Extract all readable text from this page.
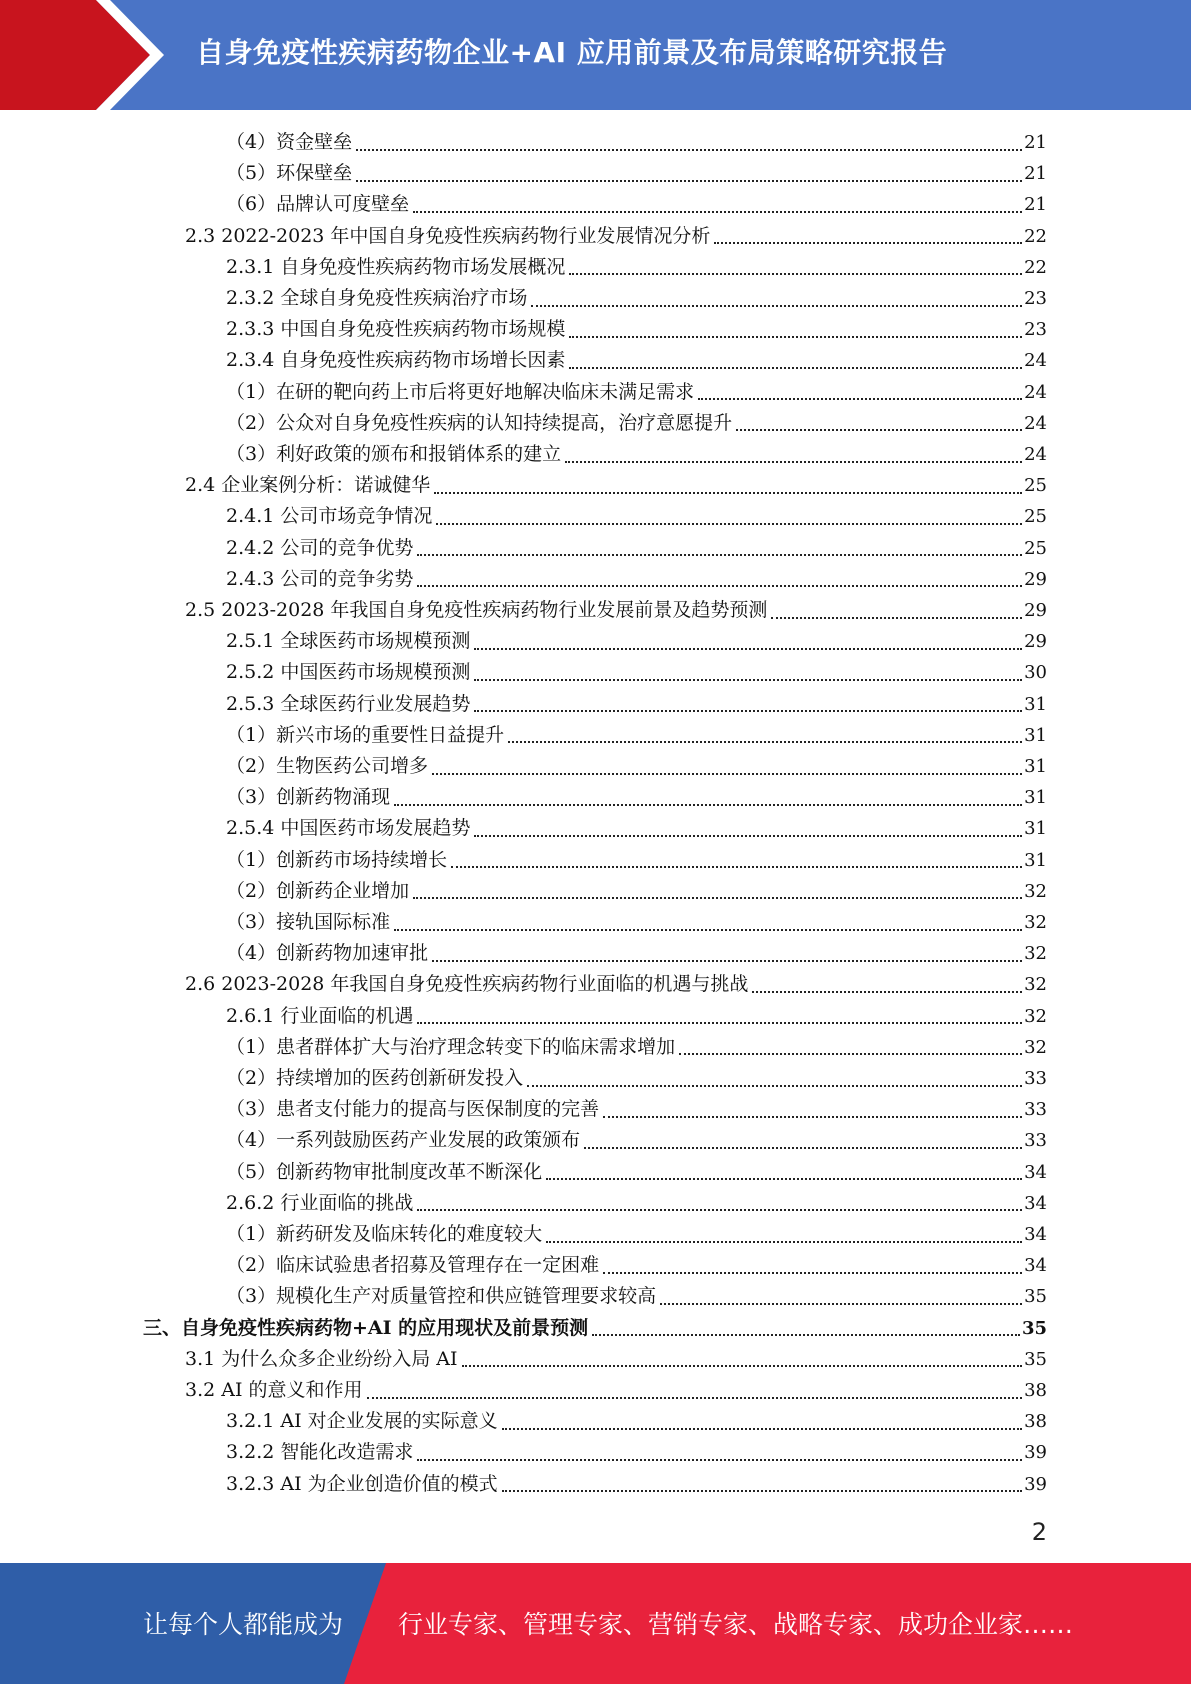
自身免疫性疾病药物企业+AI 应用前景及布局策略研究报告
（4）资金壁垒	21
（5）环保壁垒	21
（6）品牌认可度壁垒	21
2.3 2022-2023 年中国自身免疫性疾病药物行业发展情况分析	22
2.3.1 自身免疫性疾病药物市场发展概况	22
2.3.2 全球自身免疫性疾病治疗市场	23
2.3.3 中国自身免疫性疾病药物市场规模	23
2.3.4 自身免疫性疾病药物市场增长因素	24
（1）在研的靶向药上市后将更好地解决临床未满足需求	24
（2）公众对自身免疫性疾病的认知持续提高，治疗意愿提升	24
（3）利好政策的颁布和报销体系的建立	24
2.4 企业案例分析：诺诚健华	25
2.4.1 公司市场竞争情况	25
2.4.2 公司的竞争优势	25
2.4.3 公司的竞争劣势	29
2.5 2023-2028 年我国自身免疫性疾病药物行业发展前景及趋势预测	29
2.5.1 全球医药市场规模预测	29
2.5.2 中国医药市场规模预测	30
2.5.3 全球医药行业发展趋势	31
（1）新兴市场的重要性日益提升	31
（2）生物医药公司增多	31
（3）创新药物涌现	31
2.5.4 中国医药市场发展趋势	31
（1）创新药市场持续增长	31
（2）创新药企业增加	32
（3）接轨国际标准	32
（4）创新药物加速审批	32
2.6 2023-2028 年我国自身免疫性疾病药物行业面临的机遇与挑战	32
2.6.1 行业面临的机遇	32
（1）患者群体扩大与治疗理念转变下的临床需求增加	32
（2）持续增加的医药创新研发投入	33
（3）患者支付能力的提高与医保制度的完善	33
（4）一系列鼓励医药产业发展的政策颁布	33
（5）创新药物审批制度改革不断深化	34
2.6.2 行业面临的挑战	34
（1）新药研发及临床转化的难度较大	34
（2）临床试验患者招募及管理存在一定困难	34
（3）规模化生产对质量管控和供应链管理要求较高	35
三、自身免疫性疾病药物+AI 的应用现状及前景预测	35
3.1 为什么众多企业纷纷入局 AI	35
3.2 AI 的意义和作用	38
3.2.1 AI 对企业发展的实际意义	38
3.2.2 智能化改造需求	39
3.2.3 AI 为企业创造价值的模式	39
2
让每个人都能成为 行业专家、管理专家、营销专家、战略专家、成功企业家……
